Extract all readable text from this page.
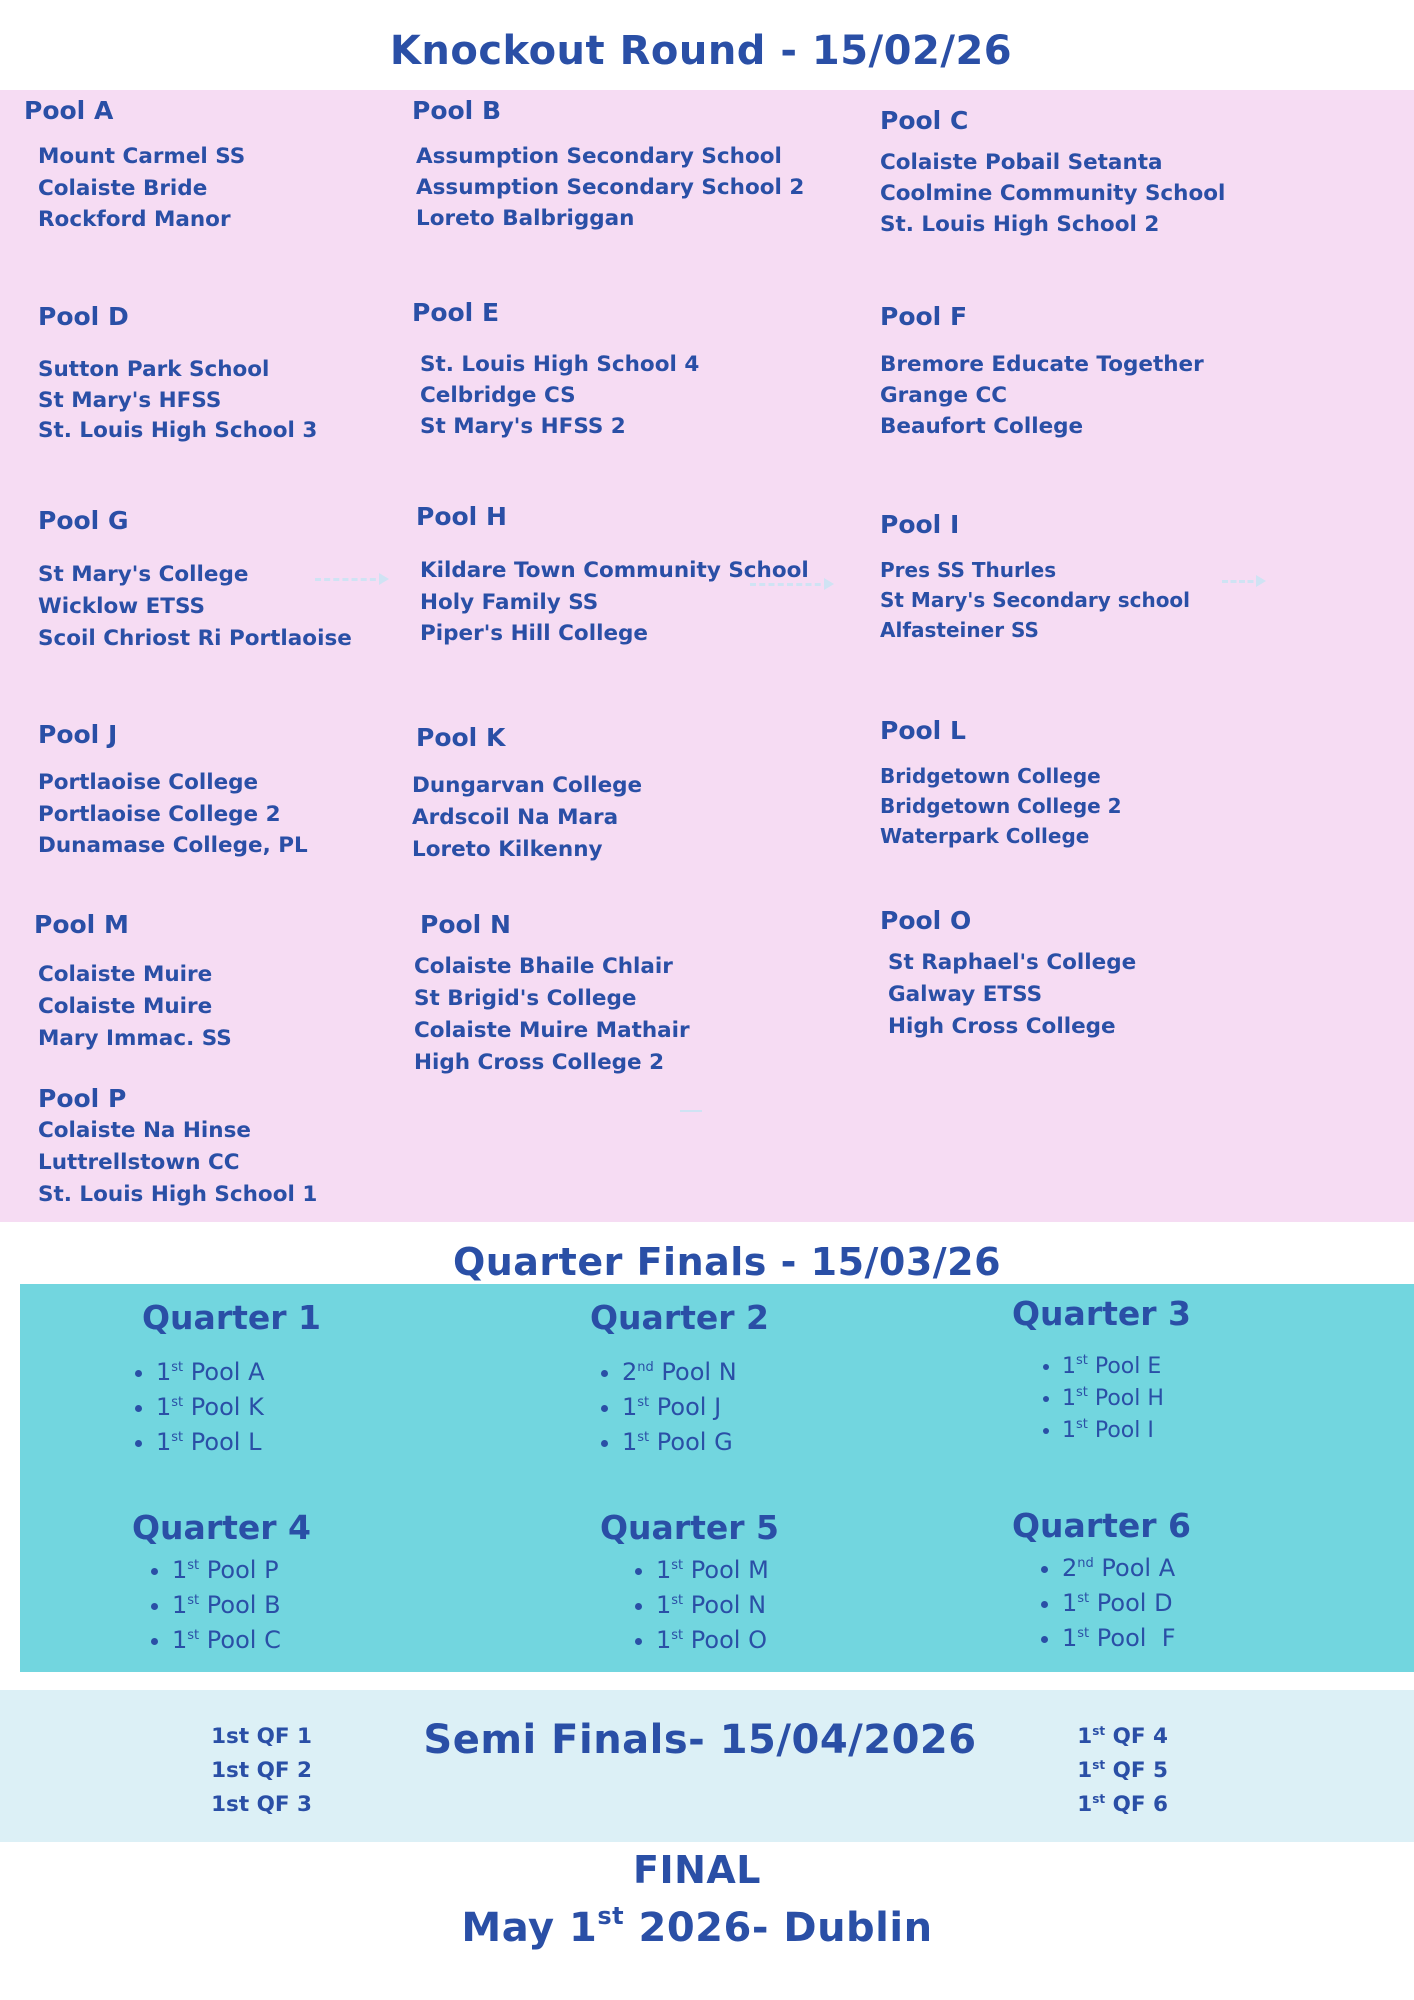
Knockout Round - 15/02/26
Pool A
Mount Carmel SS
Colaiste Bride
Rockford Manor
Pool B
Assumption Secondary School
Assumption Secondary School 2
Loreto Balbriggan
Pool C
Colaiste Pobail Setanta
Coolmine Community School
St. Louis High School 2
Pool D
Sutton Park School
St Mary's HFSS
St. Louis High School 3
Pool E
St. Louis High School 4
Celbridge CS
St Mary's HFSS 2
Pool F
Bremore Educate Together
Grange CC
Beaufort College
Pool G
St Mary's College
Wicklow ETSS
Scoil Chriost Ri Portlaoise
Pool H
Kildare Town Community School
Holy Family SS
Piper's Hill College
Pool I
Pres SS Thurles
St Mary's Secondary school
Alfasteiner SS
Pool J
Portlaoise College
Portlaoise College 2
Dunamase College, PL
Pool K
Dungarvan College
Ardscoil Na Mara
Loreto Kilkenny
Pool L
Bridgetown College
Bridgetown College 2
Waterpark College
Pool M
Colaiste Muire
Colaiste Muire
Mary Immac. SS
Pool N
Colaiste Bhaile Chlair
St Brigid's College
Colaiste Muire Mathair
High Cross College 2
Pool O
St Raphael's College
Galway ETSS
High Cross College
Pool P
Colaiste Na Hinse
Luttrellstown CC
St. Louis High School 1
Quarter Finals - 15/03/26
Quarter 1
• 1st Pool A
• 1st Pool K
• 1st Pool L
Quarter 2
• 2nd Pool N
• 1st Pool J
• 1st Pool G
Quarter 3
• 1st Pool E
• 1st Pool H
• 1st Pool I
Quarter 4
• 1st Pool P
• 1st Pool B
• 1st Pool C
Quarter 5
• 1st Pool M
• 1st Pool N
• 1st Pool O
Quarter 6
• 2nd Pool A
• 1st Pool D
• 1st Pool  F
Semi Finals- 15/04/2026
1st QF 1
1st QF 2
1st QF 3
1st QF 4
1st QF 5
1st QF 6
FINAL
May 1st 2026- Dublin
